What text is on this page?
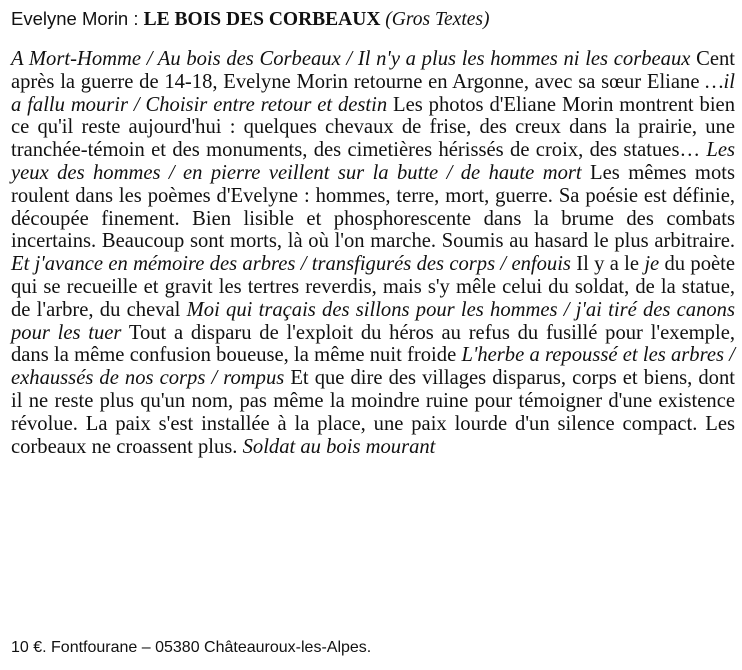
Evelyne Morin : LE BOIS DES CORBEAUX (Gros Textes)

A Mort-Homme / Au bois des Corbeaux / Il n'y a plus les hommes ni les corbeaux Cent après la guerre de 14-18, Evelyne Morin retourne en Argonne, avec sa sœur Eliane …il a fallu mourir / Choisir entre retour et destin Les photos d'Eliane Morin montrent bien ce qu'il reste aujourd'hui : quelques chevaux de frise, des creux dans la prairie, une tranchée-témoin et des monuments, des cimetières hérissés de croix, des statues… Les yeux des hommes / en pierre veillent sur la butte / de haute mort Les mêmes mots roulent dans les poèmes d'Evelyne : hommes, terre, mort, guerre. Sa poésie est définie, découpée finement. Bien lisible et phosphorescente dans la brume des combats incertains. Beaucoup sont morts, là où l'on marche. Soumis au hasard le plus arbitraire. Et j'avance en mémoire des arbres / transfigurés des corps / enfouis Il y a le je du poète qui se recueille et gravit les tertres reverdis, mais s'y mêle celui du soldat, de la statue, de l'arbre, du cheval Moi qui traçais des sillons pour les hommes / j'ai tiré des canons pour les tuer Tout a disparu de l'exploit du héros au refus du fusillé pour l'exemple, dans la même confusion boueuse, la même nuit froide L'herbe a repoussé et les arbres / exhaussés de nos corps / rompus Et que dire des villages disparus, corps et biens, dont il ne reste plus qu'un nom, pas même la moindre ruine pour témoigner d'une existence révolue. La paix s'est installée à la place, une paix lourde d'un silence compact. Les corbeaux ne croassent plus. Soldat au bois mourant

10 €. Fontfourane – 05380 Châteauroux-les-Alpes.
